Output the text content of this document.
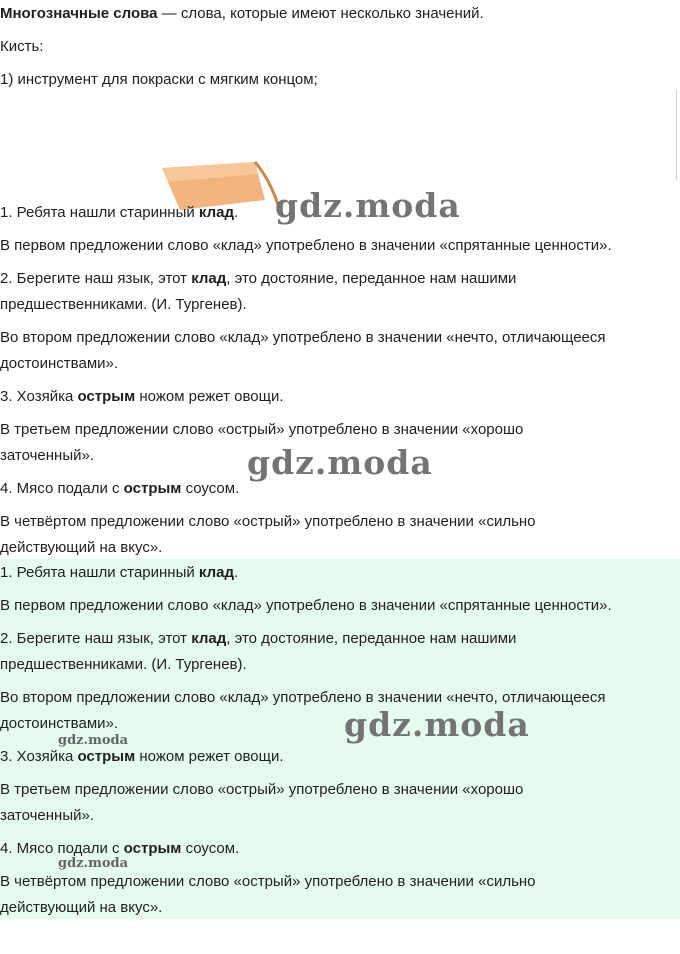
Многозначные слова — слова, которые имеют несколько значений.

Кисть:

1) инструмент для покраски с мягким концом;

1. Ребята нашли старинный клад.

В первом предложении слово «клад» употреблено в значении «спрятанные ценности».

2. Берегите наш язык, этот клад, это достояние, переданное нам нашими

предшественниками. (И. Тургенев).

Во втором предложении слово «клад» употреблено в значении «нечто, отличающееся

достоинствами».

3. Хозяйка острым ножом режет овощи.

В третьем предложении слово «острый» употреблено в значении «хорошо

заточенный».

4. Мясо подали с острым соусом.

В четвёртом предложении слово «острый» употреблено в значении «сильно

действующий на вкус».

1. Ребята нашли старинный клад.

В первом предложении слово «клад» употреблено в значении «спрятанные ценности».

2. Берегите наш язык, этот клад, это достояние, переданное нам нашими

предшественниками. (И. Тургенев).

Во втором предложении слово «клад» употреблено в значении «нечто, отличающееся

достоинствами».

3. Хозяйка острым ножом режет овощи.

В третьем предложении слово «острый» употреблено в значении «хорошо

заточенный».

4. Мясо подали с острым соусом.

В четвёртом предложении слово «острый» употреблено в значении «сильно

действующий на вкус».

gdz.moda
gdz.moda
gdz.moda
gdz.moda
gdz.moda
